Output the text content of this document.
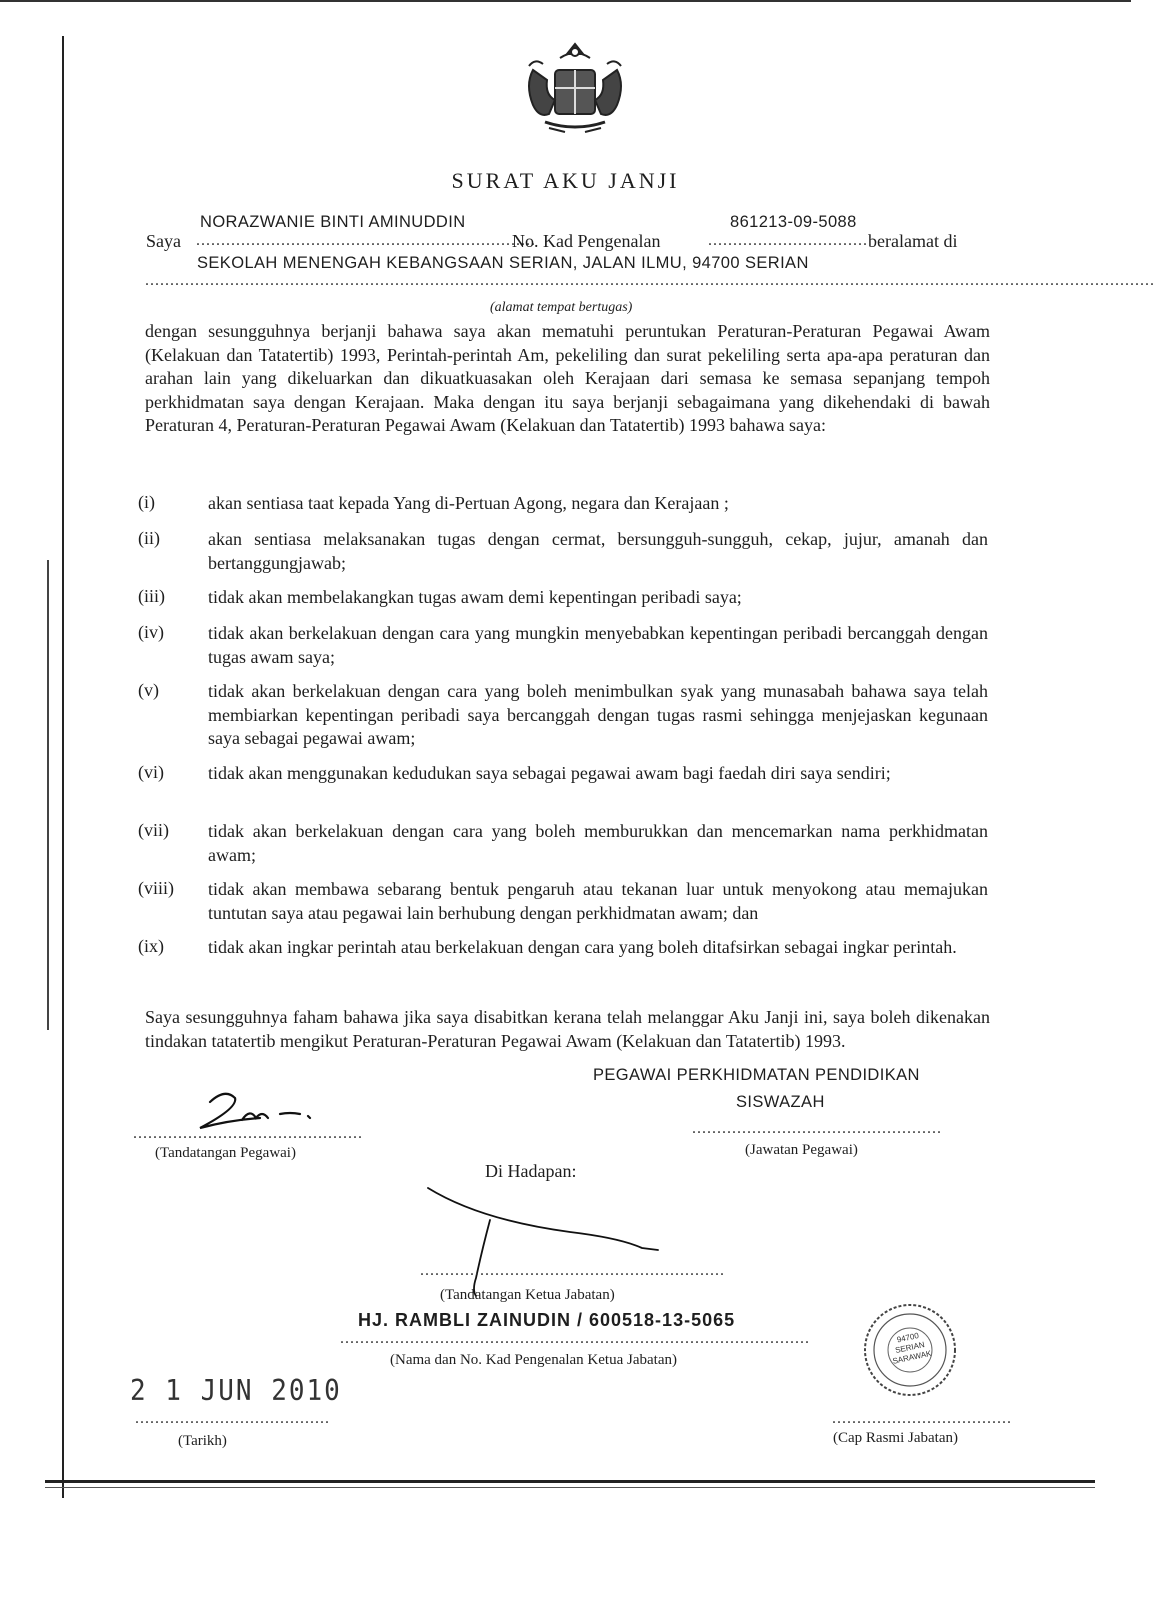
SURAT AKU JANJI
Saya
NORAZWANIE BINTI AMINUDDIN
....................................................................
No. Kad Pengenalan
861213-09-5088
................................ beralamat di
SEKOLAH MENENGAH KEBANGSAAN SERIAN, JALAN ILMU, 94700 SERIAN
..........................................................................................................................................................................................................
(alamat tempat bertugas)
dengan sesungguhnya berjanji bahawa saya akan mematuhi peruntukan Peraturan-Peraturan Pegawai Awam (Kelakuan dan Tatatertib) 1993, Perintah-perintah Am, pekeliling dan surat pekeliling serta apa-apa peraturan dan arahan lain yang dikeluarkan dan dikuatkuasakan oleh Kerajaan dari semasa ke semasa sepanjang tempoh perkhidmatan saya dengan Kerajaan. Maka dengan itu saya berjanji sebagaimana yang dikehendaki di bawah Peraturan 4, Peraturan-Peraturan Pegawai Awam (Kelakuan dan Tatatertib) 1993 bahawa saya:
(i)	akan sentiasa taat kepada Yang di-Pertuan Agong, negara dan Kerajaan ;
(ii)	akan sentiasa melaksanakan tugas dengan cermat, bersungguh-sungguh, cekap, jujur, amanah dan bertanggungjawab;
(iii) tidak akan membelakangkan tugas awam demi kepentingan peribadi saya;
(iv) tidak akan berkelakuan dengan cara yang mungkin menyebabkan kepentingan peribadi bercanggah dengan tugas awam saya;
(v)	tidak akan berkelakuan dengan cara yang boleh menimbulkan syak yang munasabah bahawa saya telah membiarkan kepentingan peribadi saya bercanggah dengan tugas rasmi sehingga menjejaskan kegunaan saya sebagai pegawai awam;
(vi) tidak akan menggunakan kedudukan saya sebagai pegawai awam bagi faedah diri saya sendiri;
(vii) tidak akan berkelakuan dengan cara yang boleh memburukkan dan mencemarkan nama perkhidmatan awam;
(viii) tidak akan membawa sebarang bentuk pengaruh atau tekanan luar untuk menyokong atau memajukan tuntutan saya atau pegawai lain berhubung dengan perkhidmatan awam; dan
(ix) tidak akan ingkar perintah atau berkelakuan dengan cara yang boleh ditafsirkan sebagai ingkar perintah.
Saya sesungguhnya faham bahawa jika saya disabitkan kerana telah melanggar Aku Janji ini, saya boleh dikenakan tindakan tatatertib mengikut Peraturan-Peraturan Pegawai Awam (Kelakuan dan Tatatertib) 1993.
..............................................
(Tandatangan Pegawai)
PEGAWAI PERKHIDMATAN PENDIDIKAN
SISWAZAH
..................................................
(Jawatan Pegawai)
Di Hadapan:
.............................................................
(Tandatangan Ketua Jabatan)
HJ. RAMBLI ZAINUDIN / 600518-13-5065
..............................................................................................
(Nama dan No. Kad Pengenalan Ketua Jabatan)
2 1 JUN 2010
.......................................
(Tarikh)
94700 SERIAN SARAWAK
....................................
(Cap Rasmi Jabatan)
